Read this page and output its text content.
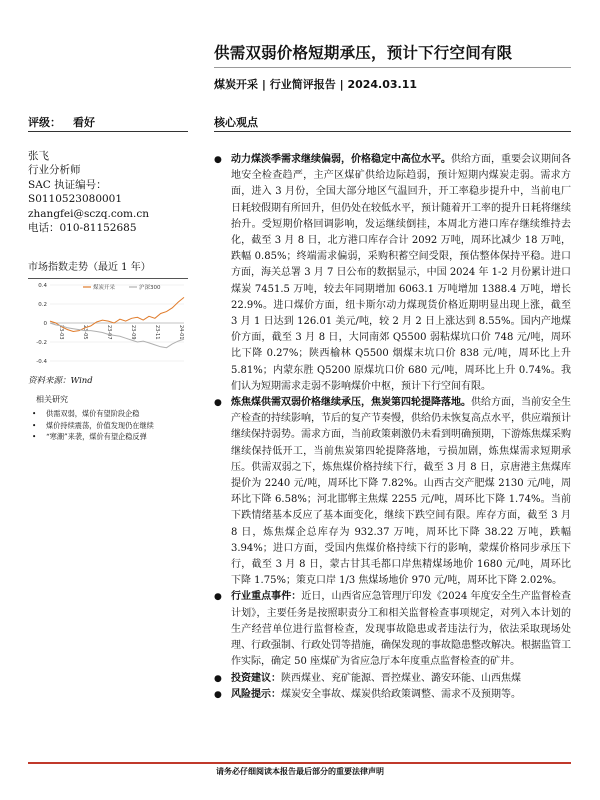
供需双弱价格短期承压，预计下行空间有限
煤炭开采 | 行业简评报告 | 2024.03.11
评级： 看好	核心观点
张飞
行业分析师
SAC 执证编号：
S0110523080001
zhangfei@sczq.com.cn
电话：010-81152685
市场指数走势（最近 1 年）
0.4
0.2
0
-0.2
-0.4
23-03	23-05	23-07	23-09	23-11	24-01
煤炭开采	沪深300
资料来源：Wind
相关研究
• 供需双弱，煤价有望阶段企稳
• 煤价持续震荡，价值发现仍在继续
• “寒潮”来袭，煤价有望企稳反弹
● 动力煤淡季需求继续偏弱，价格稳定中高位水平。供给方面，重要会议期间各地安全检查趋严，主产区煤矿供给边际趋弱，预计短期内煤炭走弱。需求方面，进入 3 月份，全国大部分地区气温回升，开工率稳步提升中，当前电厂日耗较假期有所回升，但仍处在较低水平，预计随着开工率的提升日耗将继续抬升。受短期价格回调影响，发运继续倒挂，本周北方港口库存继续维持去化，截至 3 月 8 日，北方港口库存合计 2092 万吨，周环比减少 18 万吨，跌幅 0.85%；终端需求偏弱，采购积蓄空间受限，预估整体保持平稳。进口方面，海关总署 3 月 7 日公布的数据显示，中国 2024 年 1-2 月份累计进口煤炭 7451.5 万吨，较去年同期增加 6063.1 万吨增加 1388.4 万吨，增长 22.9%。进口煤价方面，纽卡斯尔动力煤现货价格近期明显出现上涨，截至 3 月 1 日达到 126.01 美元/吨，较 2 月 2 日上涨达到 8.55%。国内产地煤价方面，截至 3 月 8 日，大同南郊 Q5500 弱粘煤坑口价 748 元/吨，周环比下降 0.27%；陕西榆林 Q5500 烟煤末坑口价 838 元/吨，周环比上升 5.81%；内蒙东胜 Q5200 原煤坑口价 680 元/吨，周环比上升 0.74%。我们认为短期需求走弱不影响煤价中枢，预计下行空间有限。
● 炼焦煤供需双弱价格继续承压，焦炭第四轮提降落地。供给方面，当前安全生产检查的持续影响，节后的复产节奏慢，供给仍未恢复高点水平，供应端预计继续保持弱势。需求方面，当前政策刺激仍未看到明确预期，下游炼焦煤采购继续保持低开工，当前焦炭第四轮提降落地，亏损加剧，炼焦煤需求短期承压。供需双弱之下，炼焦煤价格持续下行，截至 3 月 8 日，京唐港主焦煤库提价为 2240 元/吨，周环比下降 7.82%。山西古交产肥煤 2130 元/吨，周环比下降 6.58%；河北邯郸主焦煤 2255 元/吨，周环比下降 1.74%。当前下跌情绪基本反应了基本面变化，继续下跌空间有限。库存方面，截至 3 月 8 日，炼焦煤企总库存为 932.37 万吨，周环比下降 38.22 万吨，跌幅 3.94%；进口方面，受国内焦煤价格持续下行的影响，蒙煤价格同步承压下行，截至 3 月 8 日，蒙古甘其毛都口岸焦精煤场地价 1680 元/吨，周环比下降 1.75%；策克口岸 1/3 焦煤场地价 970 元/吨，周环比下降 2.02%。
● 行业重点事件：近日，山西省应急管理厅印发《2024 年度安全生产监督检查计划》，主要任务是按照职责分工和相关监督检查事项规定，对列入本计划的生产经营单位进行监督检查，发现事故隐患或者违法行为，依法采取现场处理、行政强制、行政处罚等措施，确保发现的事故隐患整改解决。根据监管工作实际，确定 50 座煤矿为省应急厅本年度重点监督检查的矿井。
● 投资建议：陕西煤业、兖矿能源、晋控煤业、潞安环能、山西焦煤
● 风险提示：煤炭安全事故、煤炭供给政策调整、需求不及预期等。
请务必仔细阅读本报告最后部分的重要法律声明
